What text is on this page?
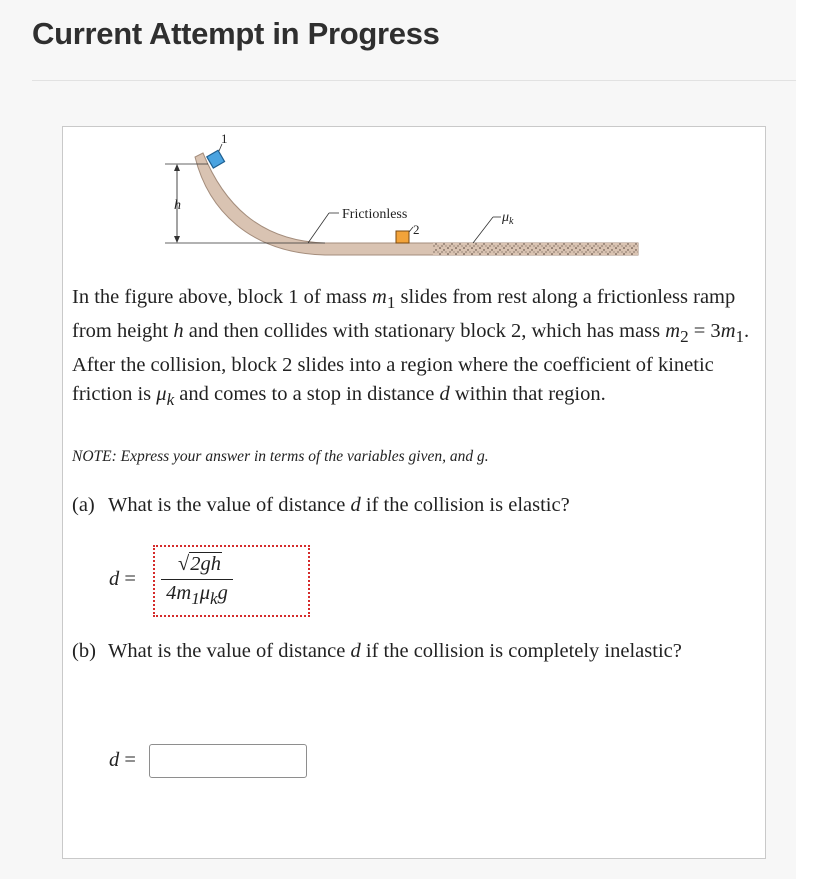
Current Attempt in Progress
1
h
Frictionless
2
$\mu_k$
In the figure above, block 1 of mass $m_1$ slides from rest along a frictionless ramp from height h and then collides with stationary block 2, which has mass $m_2 = 3m_1$. After the collision, block 2 slides into a region where the coefficient of kinetic friction is $\mu_k$ and comes to a stop in distance d within that region.
NOTE: Express your answer in terms of the variables given, and g.
(a) What is the value of distance d if the collision is elastic?
d =
√2gh
$4m_1\mu_kg$
(b) What is the value of distance d if the collision is completely inelastic?
d =
